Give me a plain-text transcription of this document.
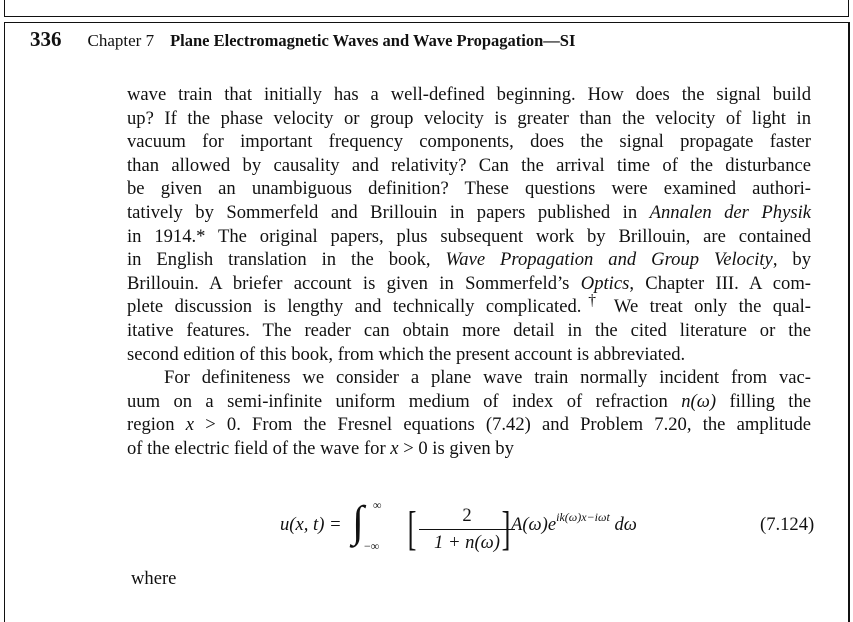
336 Chapter 7 Plane Electromagnetic Waves and Wave Propagation—SI
wave train that initially has a well-defined beginning. How does the signal build
up? If the phase velocity or group velocity is greater than the velocity of light in
vacuum for important frequency components, does the signal propagate faster
than allowed by causality and relativity? Can the arrival time of the disturbance
be given an unambiguous definition? These questions were examined authori-
tatively by Sommerfeld and Brillouin in papers published in Annalen der Physik
in 1914.* The original papers, plus subsequent work by Brillouin, are contained
in English translation in the book, Wave Propagation and Group Velocity, by
Brillouin. A briefer account is given in Sommerfeld’s Optics, Chapter III. A com-
plete discussion is lengthy and technically complicated.† We treat only the qual-
itative features. The reader can obtain more detail in the cited literature or the
second edition of this book, from which the present account is abbreviated.
For definiteness we consider a plane wave train normally incident from vac-
uum on a semi-infinite uniform medium of index of refraction n(ω) filling the
region x > 0. From the Fresnel equations (7.42) and Problem 7.20, the amplitude
of the electric field of the wave for x > 0 is given by
u(x, t) = ∫ ∞
−∞ [	2
1 + n(ω) ] $A(\omega)e^{ik(\omega)x-i\omega t}$ dω	(7.124)
where
